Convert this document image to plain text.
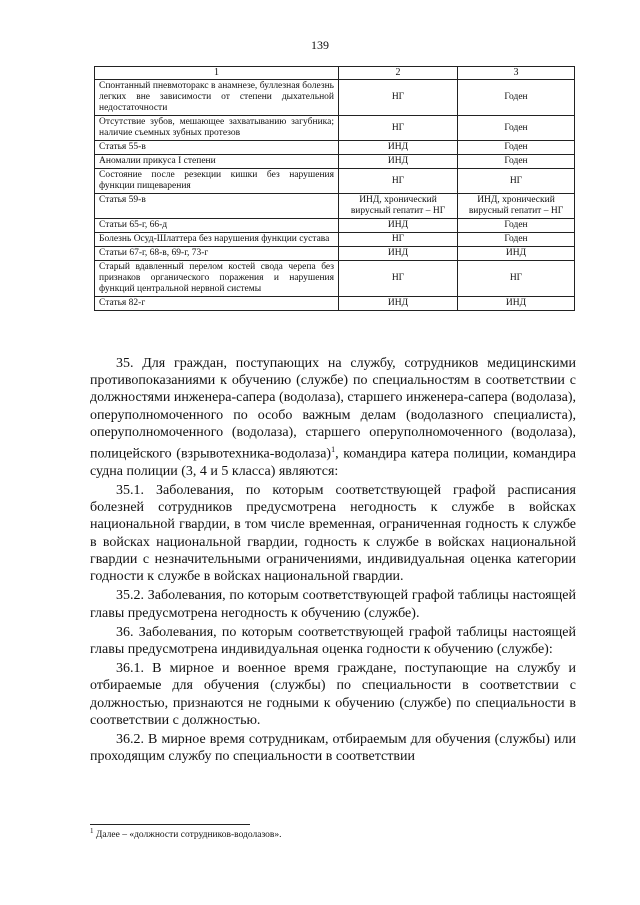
139
1	2	3
Спонтанный пневмоторакс в анамнезе, буллезная болезнь легких вне зависимости от степени дыхательной недостаточности	НГ	Годен
Отсутствие зубов, мешающее захватыванию загубника; наличие съемных зубных протезов	НГ	Годен
Статья 55-в	ИНД	Годен
Аномалии прикуса I степени	ИНД	Годен
Состояние после резекции кишки без нарушения функции пищеварения	НГ	НГ
Статья 59-в	ИНД, хронический вирусный гепатит – НГ	ИНД, хронический вирусный гепатит – НГ
Статьи 65-г, 66-д	ИНД	Годен
Болезнь Осуд-Шлаттера без нарушения функции сустава	НГ	Годен
Статьи 67-г, 68-в, 69-г, 73-г	ИНД	ИНД
Старый вдавленный перелом костей свода черепа без признаков органического поражения и нарушения функций центральной нервной системы	НГ	НГ
Статья 82-г	ИНД	ИНД

35. Для граждан, поступающих на службу, сотрудников медицинскими противопоказаниями к обучению (службе) по специальностям в соответствии с должностями инженера-сапера (водолаза), старшего инженера-сапера (водолаза), оперуполномоченного по особо важным делам (водолазного специалиста), оперуполномоченного (водолаза), старшего оперуполномоченного (водолаза), полицейского (взрывотехника-водолаза)$^1$, командира катера полиции, командира судна полиции (3, 4 и 5 класса) являются:

35.1. Заболевания, по которым соответствующей графой расписания болезней сотрудников предусмотрена негодность к службе в войсках национальной гвардии, в том числе временная, ограниченная годность к службе в войсках национальной гвардии, годность к службе в войсках национальной гвардии с незначительными ограничениями, индивидуальная оценка категории годности к службе в войсках национальной гвардии.

35.2. Заболевания, по которым соответствующей графой таблицы настоящей главы предусмотрена негодность к обучению (службе).

36. Заболевания, по которым соответствующей графой таблицы настоящей главы предусмотрена индивидуальная оценка годности к обучению (службе):

36.1. В мирное и военное время граждане, поступающие на службу и отбираемые для обучения (службы) по специальности в соответствии с должностью, признаются не годными к обучению (службе) по специальности в соответствии с должностью.

36.2. В мирное время сотрудникам, отбираемым для обучения (службы) или проходящим службу по специальности в соответствии

$^1$ Далее – «должности сотрудников-водолазов».
